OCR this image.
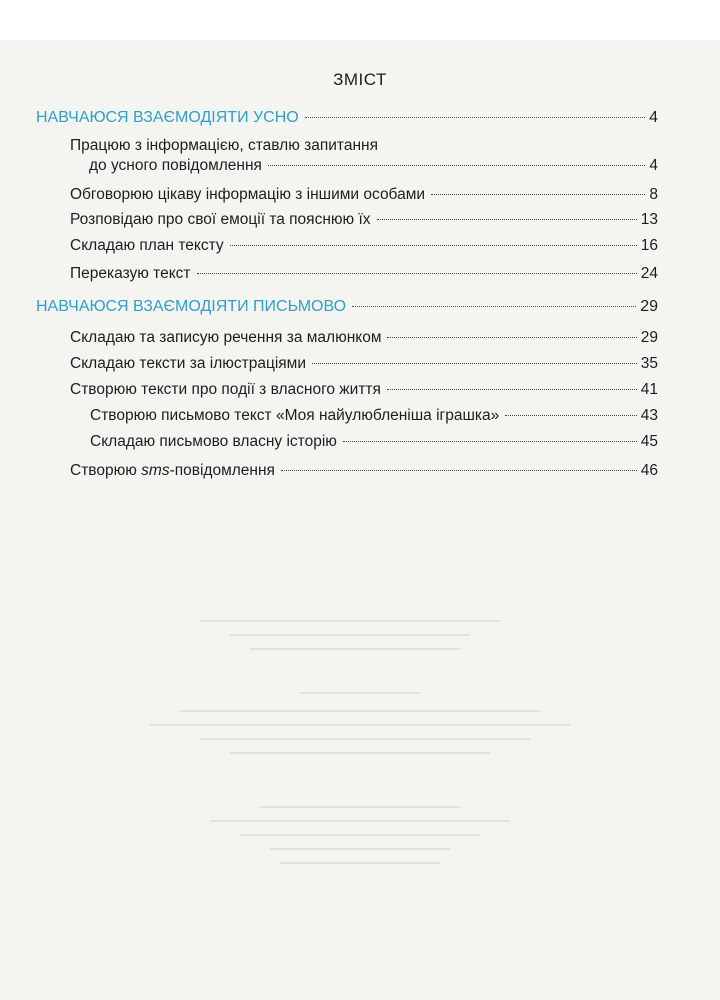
ЗМІСТ
НАВЧАЮСЯ ВЗАЄМОДІЯТИ УСНО	4
Працюю з інформацією, ставлю запитання
до усного повідомлення	4
Обговорюю цікаву інформацію з іншими особами	8
Розповідаю про свої емоції та пояснюю їх	13
Складаю план тексту	16
Переказую текст	24
НАВЧАЮСЯ ВЗАЄМОДІЯТИ ПИСЬМОВО	29
Складаю та записую речення за малюнком	29
Складаю тексти за ілюстраціями	35
Створюю тексти про події з власного життя	41
Створюю письмово текст «Моя найулюбленіша іграшка»	43
Складаю письмово власну історію	45
Створюю sms-повідомлення	46
